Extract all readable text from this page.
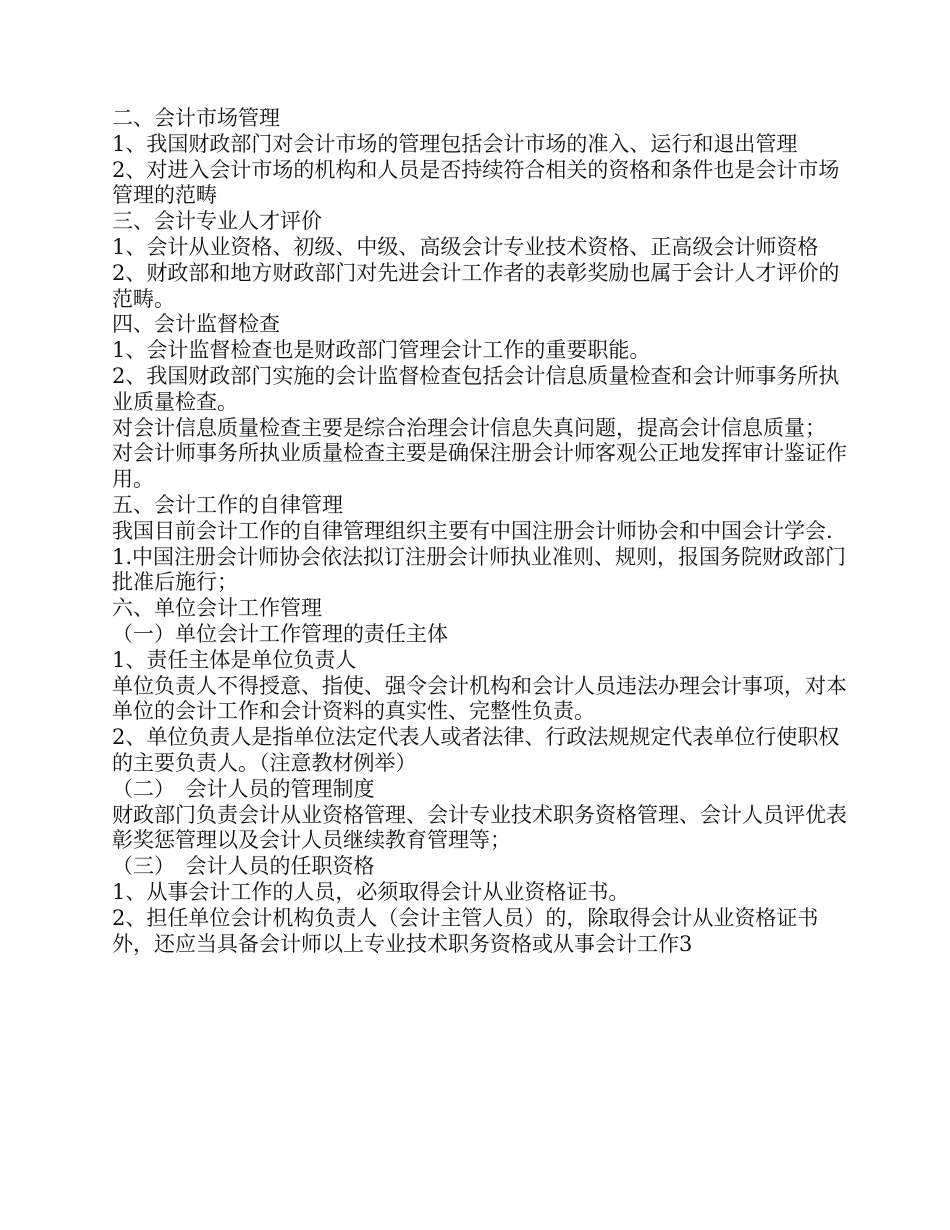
二、会计市场管理

1、我国财政部门对会计市场的管理包括会计市场的准入、运行和退出管理

2、对进入会计市场的机构和人员是否持续符合相关的资格和条件也是会计市场管理的范畴

三、会计专业人才评价

1、会计从业资格、初级、中级、高级会计专业技术资格、正高级会计师资格

2、财政部和地方财政部门对先进会计工作者的表彰奖励也属于会计人才评价的范畴。

四、会计监督检查

1、会计监督检查也是财政部门管理会计工作的重要职能。

2、我国财政部门实施的会计监督检查包括会计信息质量检查和会计师事务所执业质量检查。

对会计信息质量检查主要是综合治理会计信息失真问题，提高会计信息质量；

对会计师事务所执业质量检查主要是确保注册会计师客观公正地发挥审计鉴证作用。

五、会计工作的自律管理

我国目前会计工作的自律管理组织主要有中国注册会计师协会和中国会计学会.

1.中国注册会计师协会依法拟订注册会计师执业准则、规则，报国务院财政部门批准后施行；

六、单位会计工作管理

（一）单位会计工作管理的责任主体

1、责任主体是单位负责人

单位负责人不得授意、指使、强令会计机构和会计人员违法办理会计事项，对本单位的会计工作和会计资料的真实性、完整性负责。

2、单位负责人是指单位法定代表人或者法律、行政法规规定代表单位行使职权的主要负责人。（注意教材例举）

（二）　会计人员的管理制度

财政部门负责会计从业资格管理、会计专业技术职务资格管理、会计人员评优表彰奖惩管理以及会计人员继续教育管理等；

（三）　会计人员的任职资格

1、从事会计工作的人员，必须取得会计从业资格证书。

2、担任单位会计机构负责人（会计主管人员）的，除取得会计从业资格证书外，还应当具备会计师以上专业技术职务资格或从事会计工作3
